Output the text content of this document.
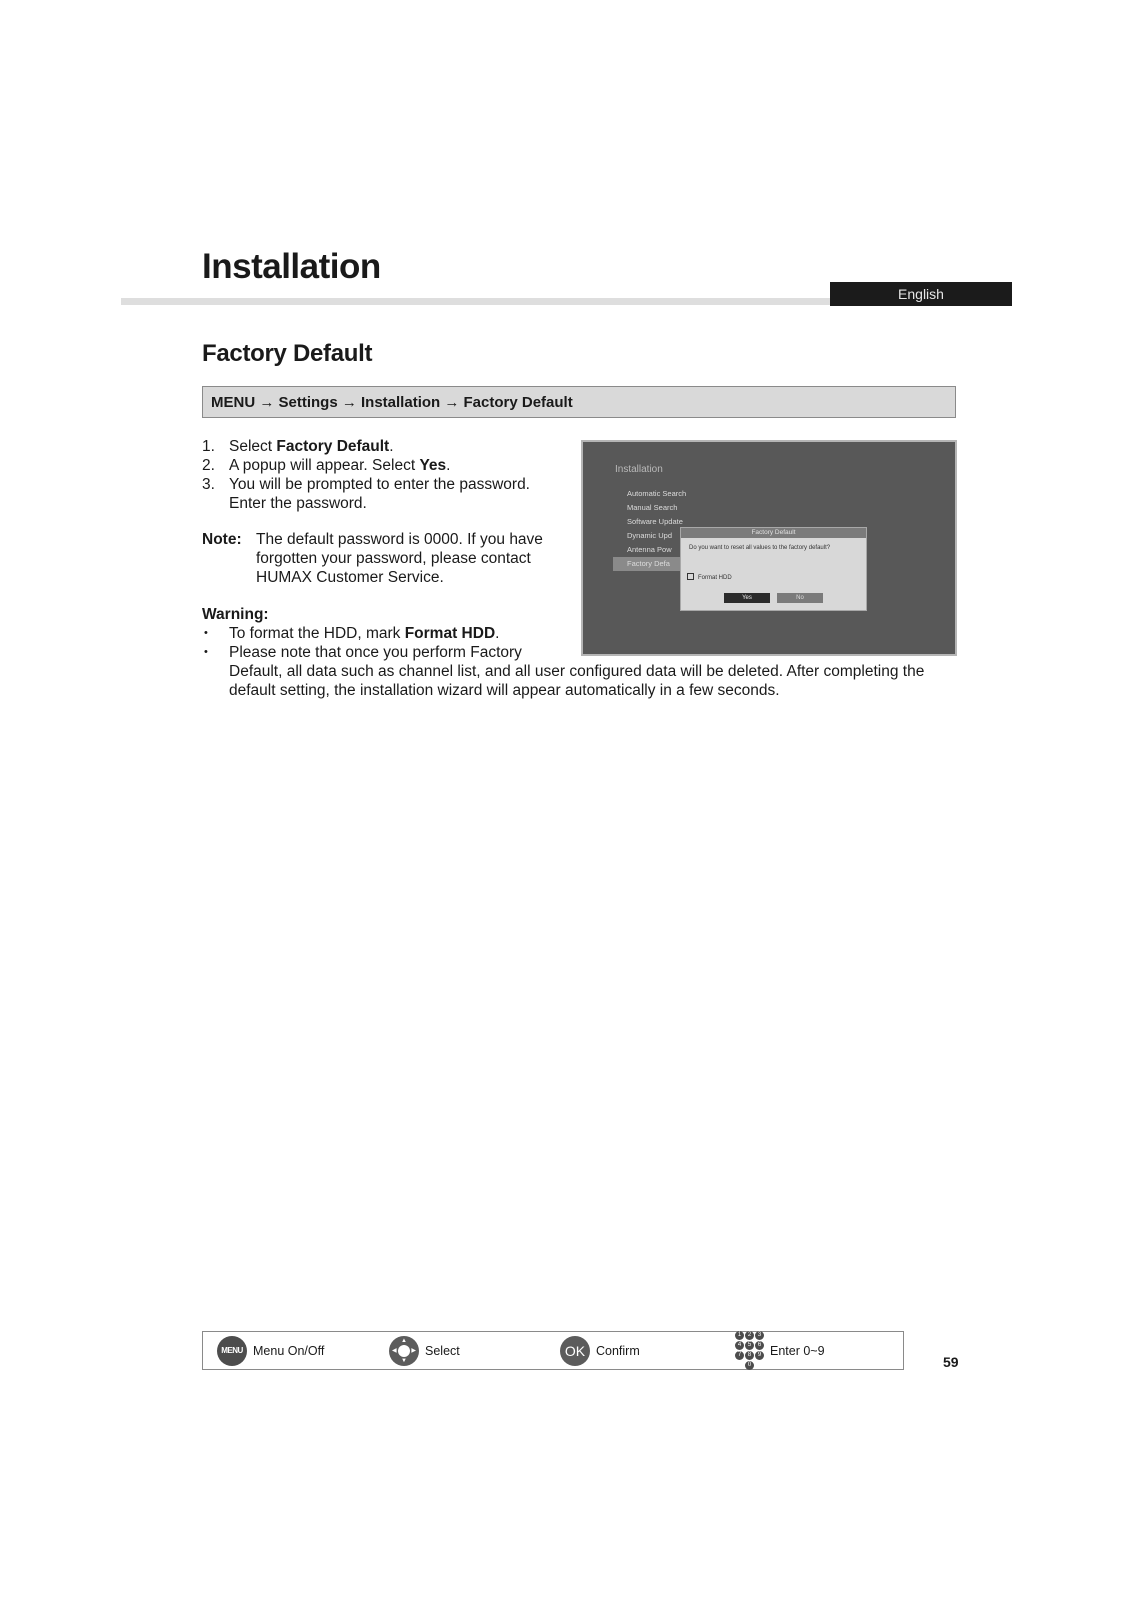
Installation
English
Factory Default
MENU → Settings → Installation → Factory Default
1. Select Factory Default.
2. A popup will appear. Select Yes.
3. You will be prompted to enter the password.
Enter the password.
Note: The default password is 0000. If you have forgotten your password, please contact HUMAX Customer Service.
Warning:
•	To format the HDD, mark Format HDD.
•	Please note that once you perform Factory
Default, all data such as channel list, and all user configured data will be deleted. After completing the default setting, the installation wizard will appear automatically in a few seconds.
Installation
Automatic Search
Manual Search
Software Update
Dynamic Upd
Antenna Pow
Factory Defa
Factory Default
Do you want to reset all values to the factory default?
Format HDD
Yes	No
MENU Menu On/Off
▲
▼
◀ ▶ Select	OK Confirm
1	2	3
4	5	6
7	8	9
0
Enter 0~9
59
